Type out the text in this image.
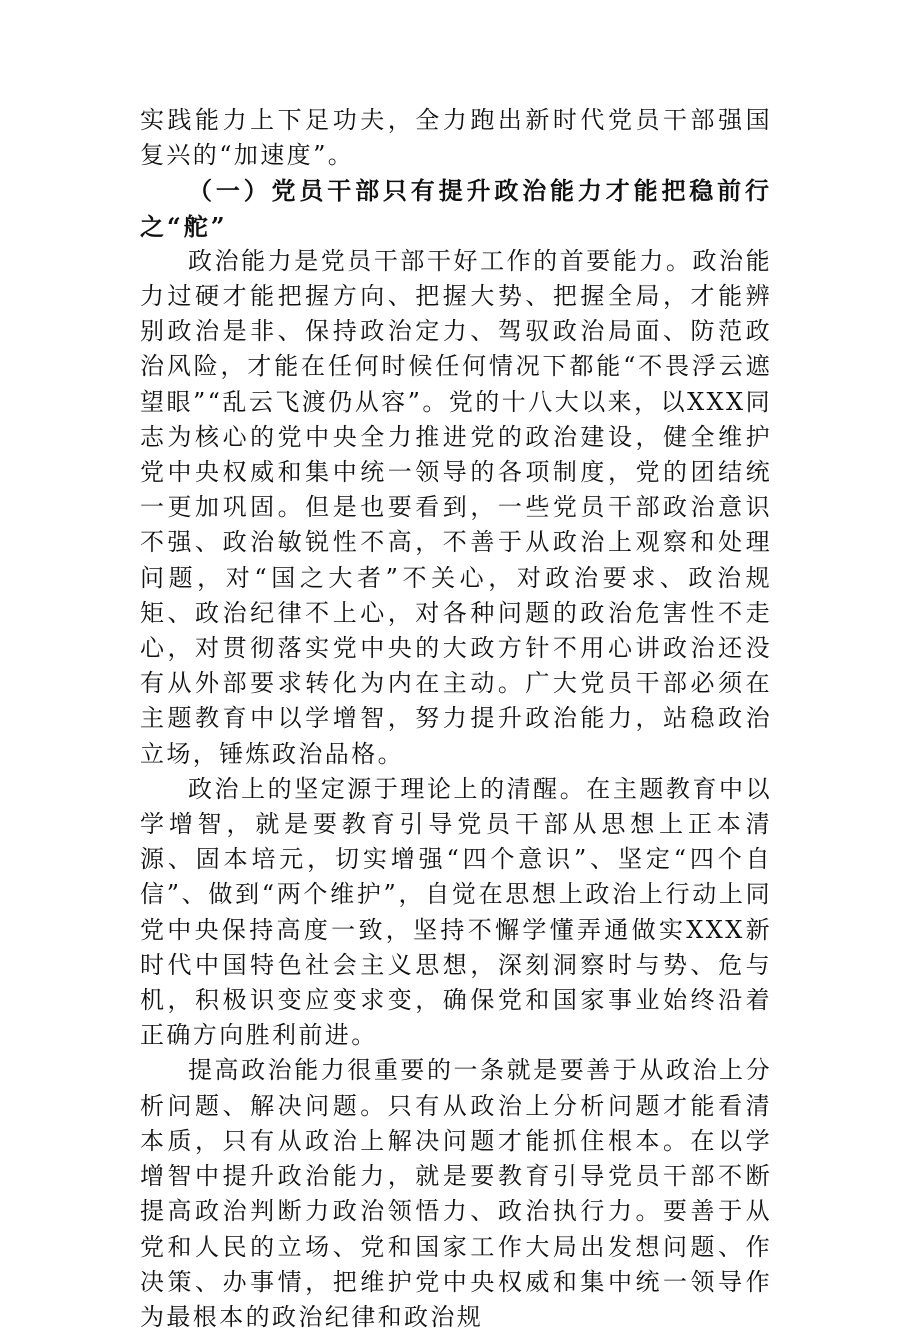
实践能力上下足功夫，全力跑出新时代党员干部强国复兴的“加速度”。

（一）党员干部只有提升政治能力才能把稳前行之“舵”

政治能力是党员干部干好工作的首要能力。政治能力过硬才能把握方向、把握大势、把握全局，才能辨别政治是非、保持政治定力、驾驭政治局面、防范政治风险，才能在任何时候任何情况下都能“不畏浮云遮望眼”“乱云飞渡仍从容”。党的十八大以来，以XXX同志为核心的党中央全力推进党的政治建设，健全维护党中央权威和集中统一领导的各项制度，党的团结统一更加巩固。但是也要看到，一些党员干部政治意识不强、政治敏锐性不高，不善于从政治上观察和处理问题，对“国之大者”不关心，对政治要求、政治规矩、政治纪律不上心，对各种问题的政治危害性不走心，对贯彻落实党中央的大政方针不用心讲政治还没有从外部要求转化为内在主动。广大党员干部必须在主题教育中以学增智，努力提升政治能力，站稳政治立场，锤炼政治品格。

政治上的坚定源于理论上的清醒。在主题教育中以学增智，就是要教育引导党员干部从思想上正本清源、固本培元，切实增强“四个意识”、坚定“四个自信”、做到“两个维护”，自觉在思想上政治上行动上同党中央保持高度一致，坚持不懈学懂弄通做实XXX新时代中国特色社会主义思想，深刻洞察时与势、危与机，积极识变应变求变，确保党和国家事业始终沿着正确方向胜利前进。

提高政治能力很重要的一条就是要善于从政治上分析问题、解决问题。只有从政治上分析问题才能看清本质，只有从政治上解决问题才能抓住根本。在以学增智中提升政治能力，就是要教育引导党员干部不断提高政治判断力政治领悟力、政治执行力。要善于从党和人民的立场、党和国家工作大局出发想问题、作决策、办事情，把维护党中央权威和集中统一领导作为最根本的政治纪律和政治规
